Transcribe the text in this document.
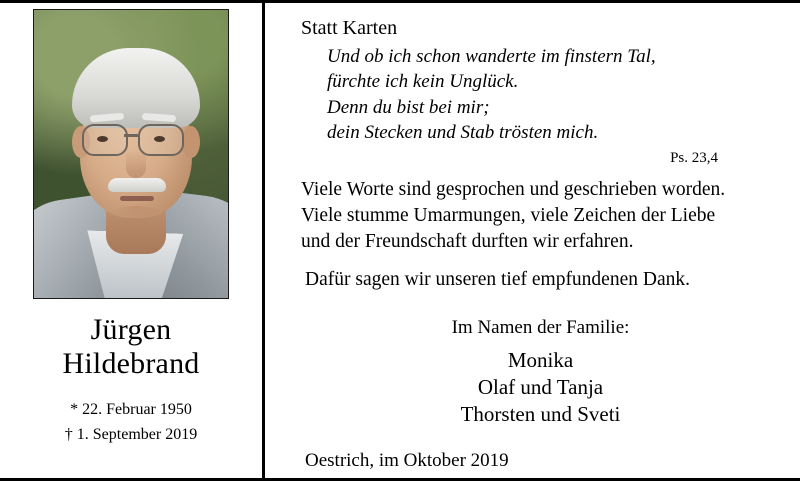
Jürgen
Hildebrand
* 22. Februar 1950
† 1. September 2019
Statt Karten
Und ob ich schon wanderte im finstern Tal,
fürchte ich kein Unglück.
Denn du bist bei mir;
dein Stecken und Stab trösten mich.
Ps. 23,4
Viele Worte sind gesprochen und geschrieben worden.
Viele stumme Umarmungen, viele Zeichen der Liebe
und der Freundschaft durften wir erfahren.
Dafür sagen wir unseren tief empfundenen Dank.
Im Namen der Familie:
Monika
Olaf und Tanja
Thorsten und Sveti
Oestrich, im Oktober 2019
